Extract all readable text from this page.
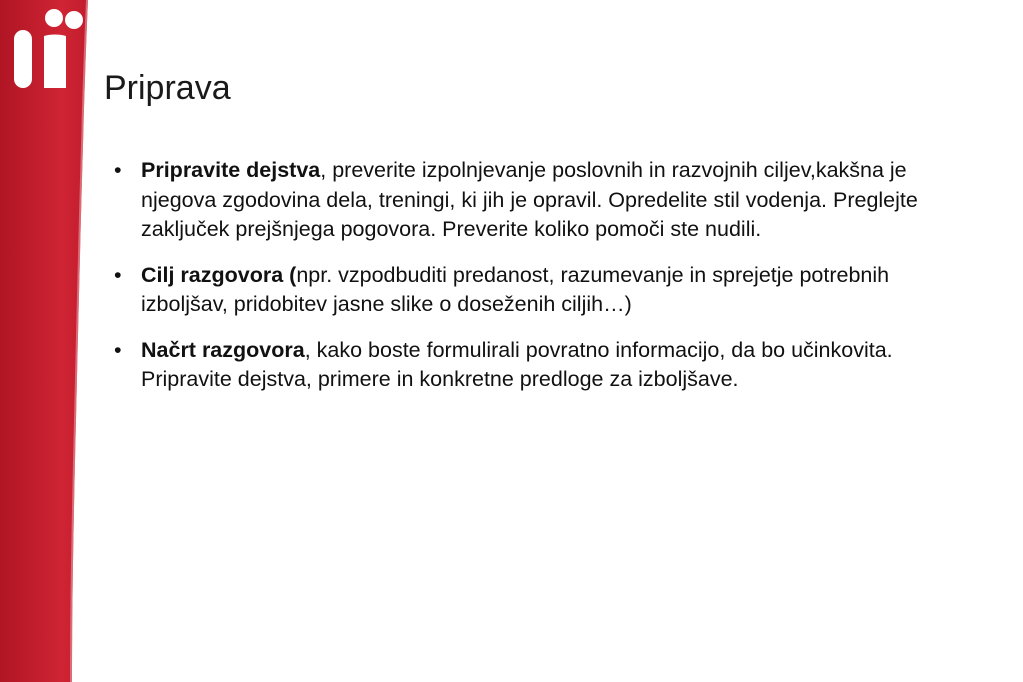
Priprava
• Pripravite dejstva, preverite izpolnjevanje poslovnih in razvojnih ciljev,kakšna je njegova zgodovina dela, treningi, ki jih je opravil. Opredelite stil vodenja. Preglejte zaključek prejšnjega pogovora. Preverite koliko pomoči ste nudili.
• Cilj razgovora (npr. vzpodbuditi predanost, razumevanje in sprejetje potrebnih izboljšav, pridobitev jasne slike o doseženih ciljih…)
• Načrt razgovora, kako boste formulirali povratno informacijo, da bo učinkovita. Pripravite dejstva, primere in konkretne predloge za izboljšave.
